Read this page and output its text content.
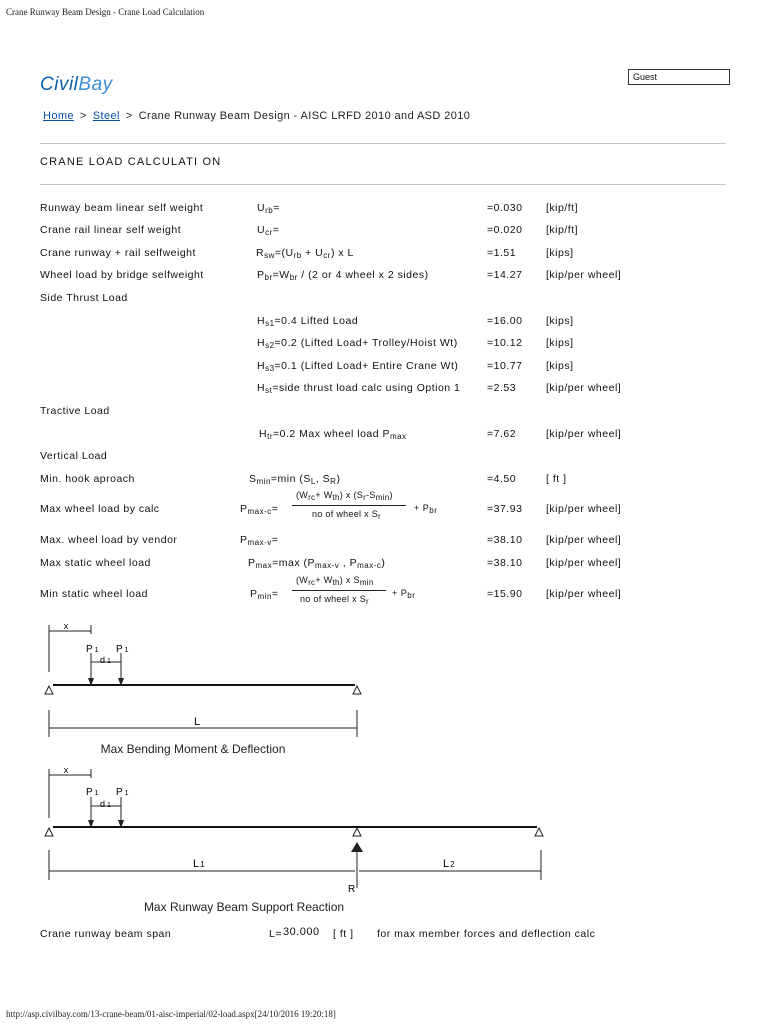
Crane Runway Beam Design - Crane Load Calculation
http://asp.civilbay.com/13-crane-beam/01-aisc-imperial/02-load.aspx[24/10/2016 19:20:18]
CivilBay	Guest
Home > Steel > Crane Runway Beam Design - AISC LRFD 2010 and ASD 2010
CRANE LOAD CALCULATI ON
Runway beam linear self weight	$U_{rb}=$	=0.030 [kip/ft]
Crane rail linear self weight	$U_{cr}=$	=0.020 [kip/ft]
Crane runway + rail selfweight	$R_{sw}=(U_{rb} + U_{cr})$ x L	=1.51	[kips]
Wheel load by bridge selfweight	$P_{br}=W_{br} / (2$ or 4 wheel x 2 sides)	=14.27 [kip/per wheel]
Side Thrust Load
$H_{s1}=0.4$ Lifted Load	=16.00 [kips]
$H_{s2}=0.2$ (Lifted Load+ Trolley/Hoist Wt)	=10.12 [kips]
$H_{s3}=0.1$ (Lifted Load+ Entire Crane Wt)	=10.77 [kips]
$H_{st}=side$ thrust load calc using Option 1	=2.53	[kip/per wheel]
Tractive Load
$H_{tr}=0.2$ Max wheel load $P_{max}$	=7.62	[kip/per wheel]
Vertical Load
Min. hook aproach	$S_{min}=\min$ ($S_L$, $S_R$)	=4.50	[ ft ]
Max wheel load by calc	$P_{max-c}=$
$(W_{rc}+ W_{th})$ x $(S_r-S_{min})$
no of wheel x $S_r$
+ $P_{br}$	=37.93 [kip/per wheel]
Max. wheel load by vendor	$P_{max-v}=$	=38.10 [kip/per wheel]
Max static wheel load	$P_{max}=\max$ ($P_{max-v}$ , $P_{max-c}$)	=38.10 [kip/per wheel]
Min static wheel load	$P_{min}=$
$(W_{rc}+ W_{th})$ x $S_{min}$
no of wheel x $S_r$
+ $P_{br}$	=15.90 [kip/per wheel]
x
P 1 P 1
d 1
L
Max Bending Moment & Deflection
x
P 1 P 1
d 1
L1	L2
R
Max Runway Beam Support Reaction
Crane runway beam span	L= 30.000 [ ft ] for max member forces and deflection calc
